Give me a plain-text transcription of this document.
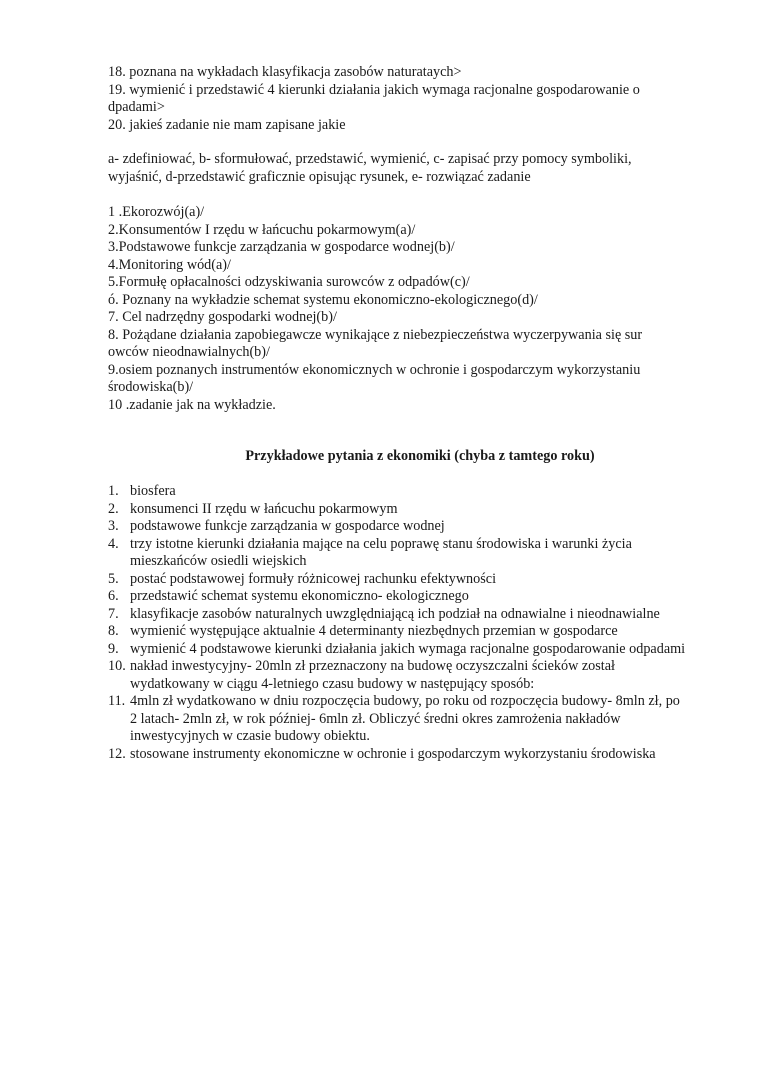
18. poznana na wykładach klasyfikacja zasobów naturataych>
19. wymienić i przedstawić 4 kierunki działania jakich wymaga racjonalne gospodarowanie o dpadami>
20. jakieś zadanie nie mam zapisane jakie
a- zdefiniować, b- sformułować, przedstawić, wymienić, c- zapisać przy pomocy symboliki, wyjaśnić, d-przedstawić graficznie opisując rysunek, e- rozwiązać zadanie
1 .Ekorozwój(a)/
2.Konsumentów I rzędu w łańcuchu pokarmowym(a)/
3.Podstawowe funkcje zarządzania w gospodarce wodnej(b)/
4.Monitoring wód(a)/
5.Formułę opłacalności odzyskiwania surowców z odpadów(c)/
ó. Poznany na wykładzie schemat systemu ekonomiczno-ekologicznego(d)/
7. Cel nadrzędny gospodarki wodnej(b)/
8. Pożądane działania zapobiegawcze wynikające z niebezpieczeństwa wyczerpywania się sur owców nieodnawialnych(b)/
9.osiem poznanych instrumentów ekonomicznych w ochronie i gospodarczym wykorzystaniu środowiska(b)/
10 .zadanie jak na wykładzie.
Przykładowe pytania z ekonomiki (chyba z tamtego roku)
1. biosfera
2. konsumenci II rzędu w łańcuchu pokarmowym
3. podstawowe funkcje zarządzania w gospodarce wodnej
4. trzy istotne kierunki działania mające na celu poprawę stanu środowiska i warunki życia mieszkańców osiedli wiejskich
5. postać podstawowej formuły różnicowej rachunku efektywności
6. przedstawić schemat systemu ekonomiczno- ekologicznego
7. klasyfikacje zasobów naturalnych uwzględniającą ich podział na odnawialne i nieodnawialne
8. wymienić występujące aktualnie 4 determinanty niezbędnych przemian w gospodarce
9. wymienić 4 podstawowe kierunki działania jakich wymaga racjonalne gospodarowanie odpadami
10. nakład inwestycyjny- 20mln zł przeznaczony na budowę oczyszczalni ścieków został wydatkowany w ciągu 4-letniego czasu budowy w następujący sposób:
11. 4mln zł wydatkowano w dniu rozpoczęcia budowy, po roku od rozpoczęcia budowy- 8mln zł, po 2 latach- 2mln zł, w rok później- 6mln zł. Obliczyć średni okres zamrożenia nakładów inwestycyjnych w czasie budowy obiektu.
12. stosowane instrumenty ekonomiczne w ochronie i gospodarczym wykorzystaniu środowiska
